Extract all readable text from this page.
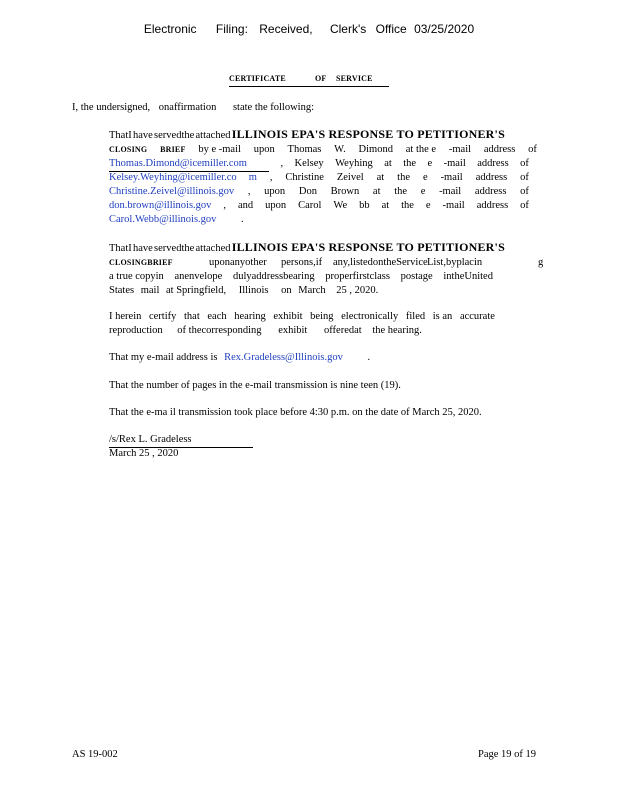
Electronic Filing: Received, Clerk's Office 03/25/2020
CERTIFICATE	OF SERVICE
I, the undersigned, onaffirmation state the following:
ThatI have servedthe attached ILLINOIS EPA'S RESPONSE TO PETITIONER'S
CLOSING BRIEF by e -mail upon Thomas W. Dimond at the e -mail address of
Thomas.Dimond@icemiller.com	, Kelsey Weyhing at the e -mail address of
Kelsey.Weyhing@icemiller.co m , Christine Zeivel at the e -mail address of
Christine.Zeivel@illinois.gov , upon Don Brown at the e -mail address of
don.brown@illinois.gov , and upon Carol We bb at the e -mail address of
Carol.Webb@illinois.gov .
ThatI have servedthe attached ILLINOIS EPA'S RESPONSE TO PETITIONER'S
CLOSINGBRIEF	uponanyother persons,if any,listedontheService List,byplacin	g
a true copyin anenvelope dulyaddressbearing properfirstclass postage intheUnited
States mail at Springfield, Illinois on March 25 , 2020.
I herein certify that each hearing exhibit being electronically filed is an accurate
reproduction of thecorresponding exhibit offeredat the hearing.
That my e-mail address is Rex.Gradeless@Illinois.gov .
That the number of pages in the e-mail transmission is nine teen (19).
That the e-ma il transmission took place before 4:30 p.m. on the date of March 25, 2020.
/s/Rex L. Gradeless
March 25 , 2020
AS 19-002	Page 19 of 19
